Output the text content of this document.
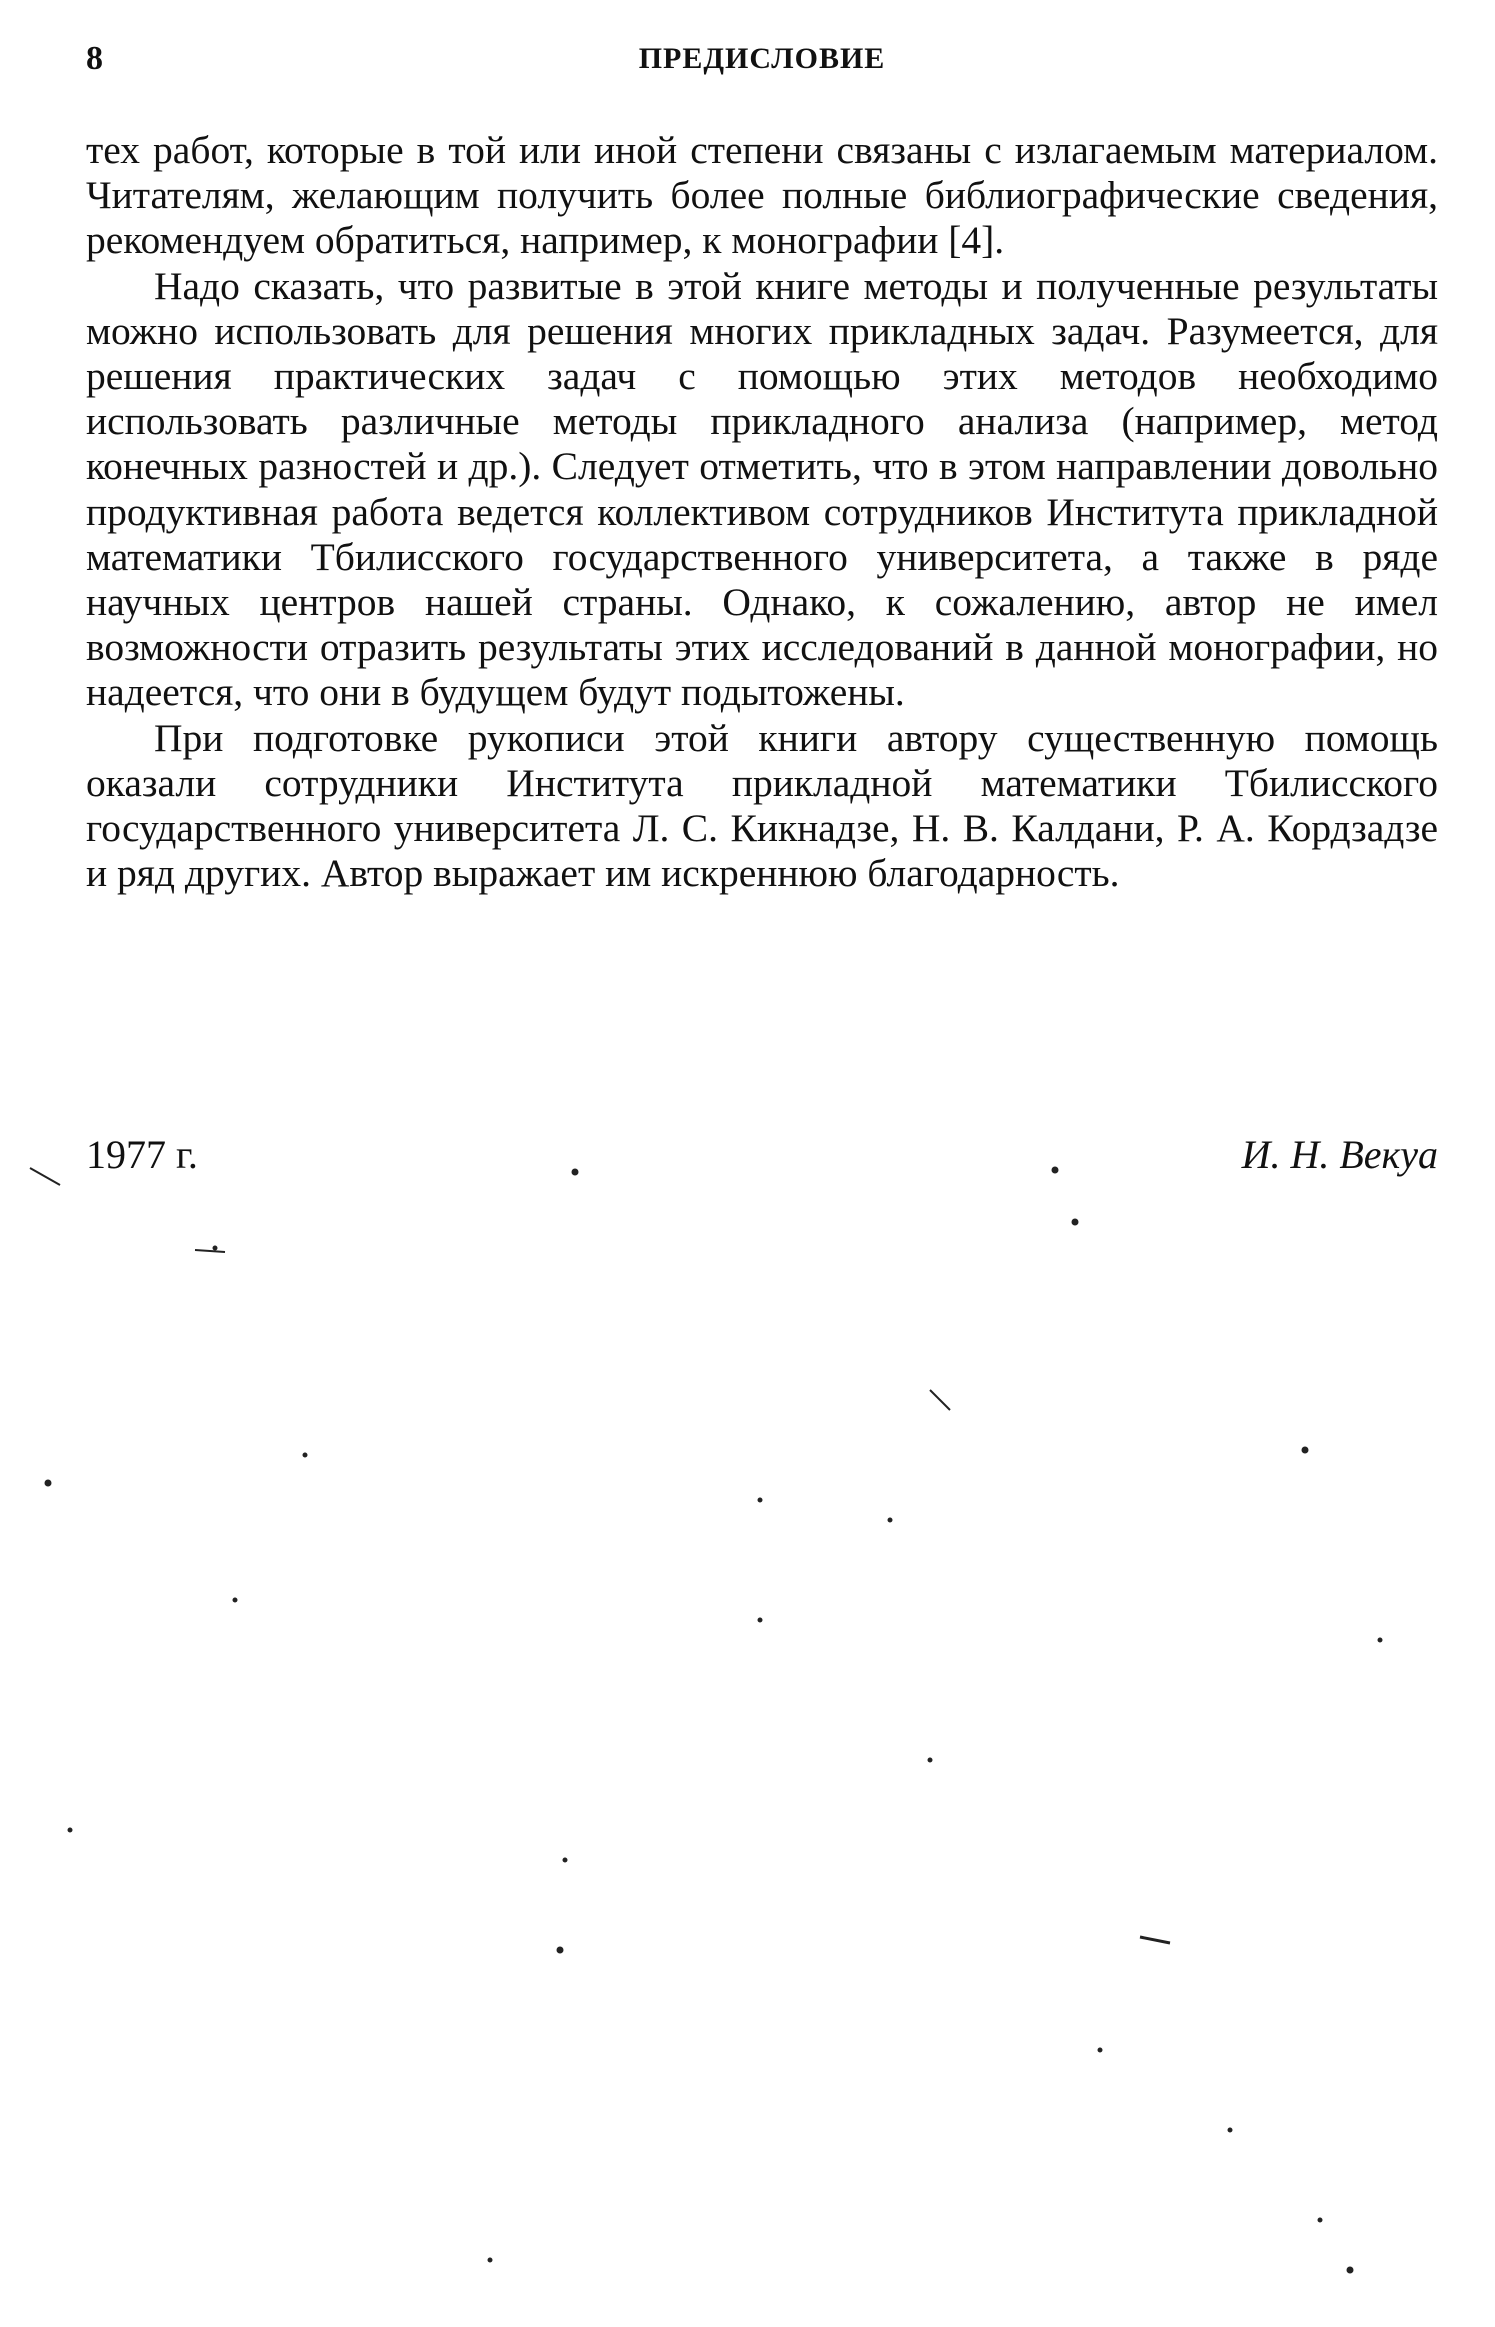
8	ПРЕДИСЛОВИЕ

тех работ, которые в той или иной степени связаны с излагаемым материалом. Читателям, желающим получить более полные библиографические сведения, рекомендуем обратиться, например, к монографии [4].

Надо сказать, что развитые в этой книге методы и полученные результаты можно использовать для решения многих прикладных задач. Разумеется, для решения практических задач с помощью этих методов необходимо использовать различные методы прикладного анализа (например, метод конечных разностей и др.). Следует отметить, что в этом направлении довольно продуктивная работа ведется коллективом сотрудников Института прикладной математики Тбилисского государственного университета, а также в ряде научных центров нашей страны. Однако, к сожалению, автор не имел возможности отразить результаты этих исследований в данной монографии, но надеется, что они в будущем будут подытожены.

При подготовке рукописи этой книги автору существенную помощь оказали сотрудники Института прикладной математики Тбилисского государственного университета Л. С. Кикнадзе, Н. В. Калдани, Р. А. Кордзадзе и ряд других. Автор выражает им искреннюю благодарность.

1977 г.	И. Н. Векуа
